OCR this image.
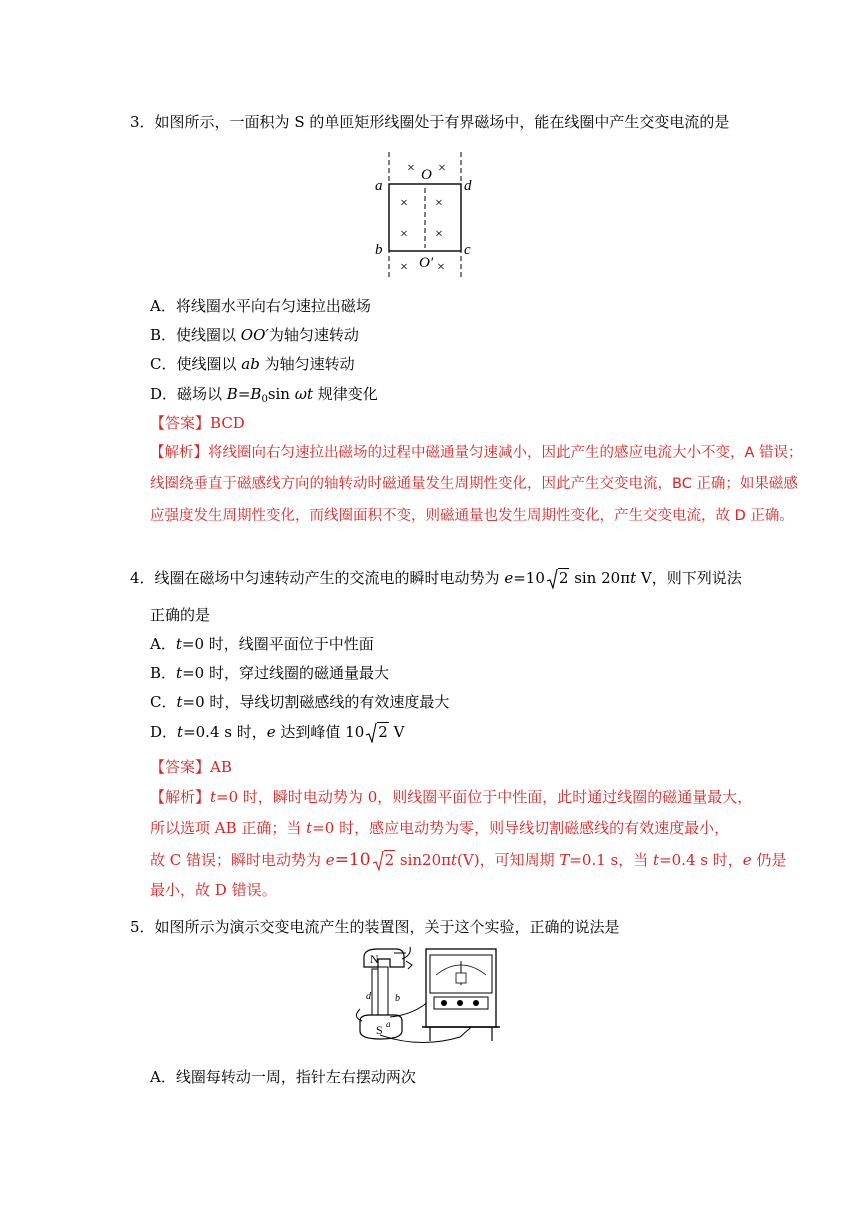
3．如图所示，一面积为 S 的单匝矩形线圈处于有界磁场中，能在线圈中产生交变电流的是
× ×
× ×
× ×
× ×
O
O′
a	d
b	c
A．将线圈水平向右匀速拉出磁场
B．使线圈以 OO′为轴匀速转动
C．使线圈以 ab 为轴匀速转动
D．磁场以 $B=B_0\sin$ ωt 规律变化
【答案】BCD
【解析】将线圈向右匀速拉出磁场的过程中磁通量匀速减小，因此产生的感应电流大小不变，A 错误；
线圈绕垂直于磁感线方向的轴转动时磁通量发生周期性变化，因此产生交变电流，BC 正确；如果磁感
应强度发生周期性变化，而线圈面积不变，则磁通量也发生周期性变化，产生交变电流，故 D 正确。
4．线圈在磁场中匀速转动产生的交流电的瞬时电动势为 e=10 2 sin 20πt V，则下列说法
正确的是
A．t=0 时，线圈平面位于中性面
B．t=0 时，穿过线圈的磁通量最大
C．t=0 时，导线切割磁感线的有效速度最大
D．t=0.4 s 时，e 达到峰值 10 2 V
【答案】AB
【解析】t=0 时，瞬时电动势为 0，则线圈平面位于中性面，此时通过线圈的磁通量最大，
所以选项 AB 正确；当 t=0 时，感应电动势为零，则导线切割磁感线的有效速度最小，
故 C 错误；瞬时电动势为 e=10 2 sin20πt(V)，可知周期 T=0.1 s，当 t=0.4 s 时，e 仍是
最小，故 D 错误。
5．如图所示为演示交变电流产生的装置图，关于这个实验，正确的说法是
N
S
d b
a
A．线圈每转动一周，指针左右摆动两次
